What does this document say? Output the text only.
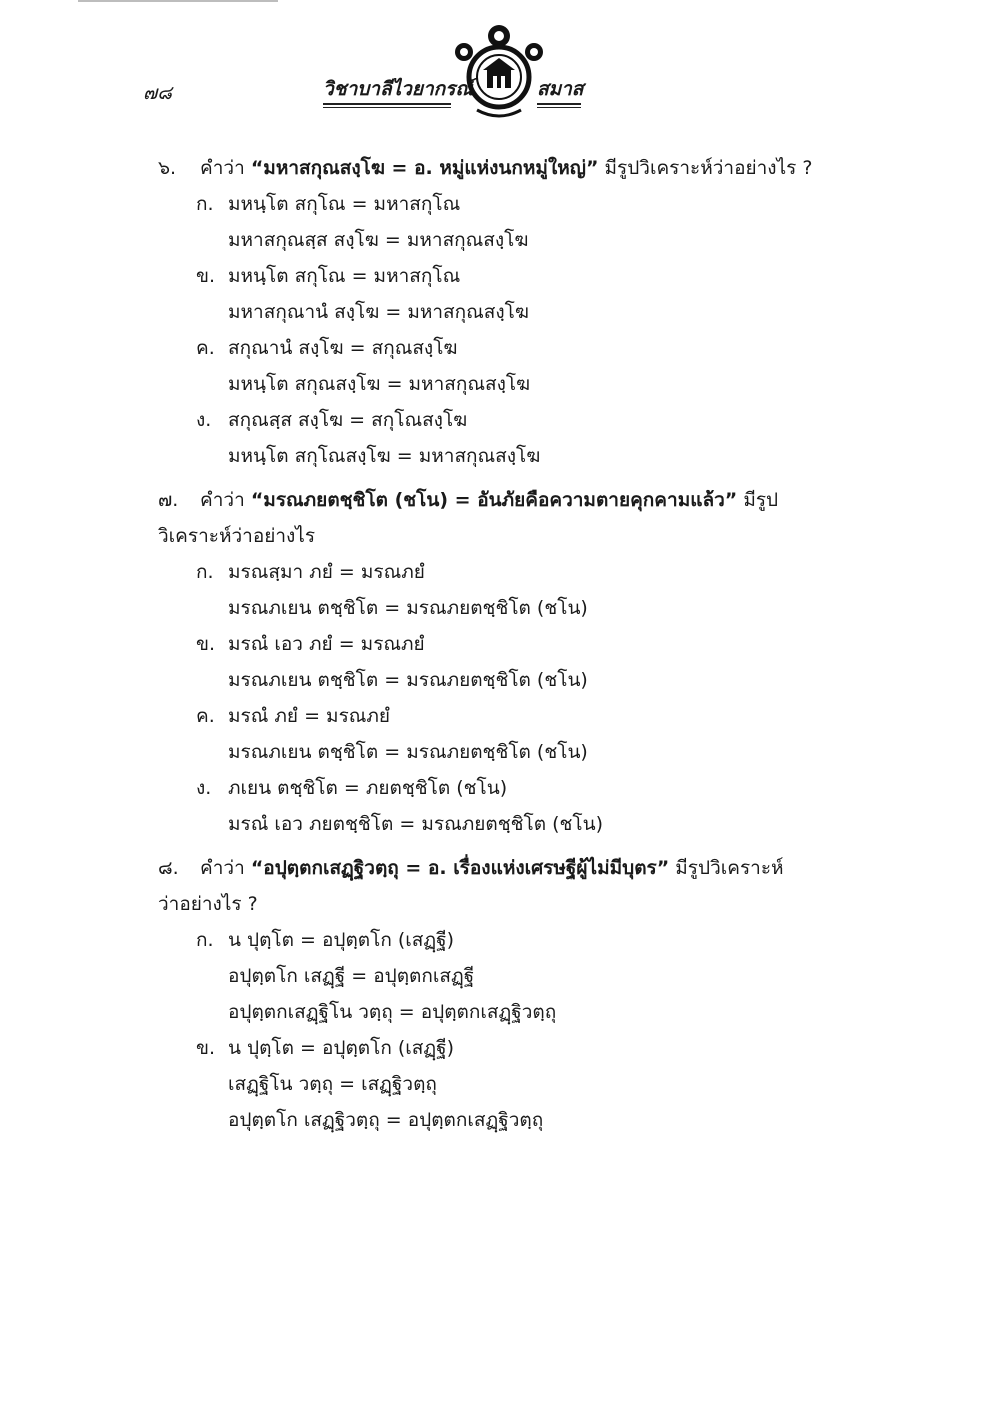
๗๘	วิชาบาลีไวยากรณ์	สมาส
๖. คำว่า “มหาสกุณสงฺโฆ = อ. หมู่แห่งนกหมู่ใหญ่” มีรูปวิเคราะห์ว่าอย่างไร ?
ก. มหนฺโต สกุโณ = มหาสกุโณ
มหาสกุณสฺส สงฺโฆ = มหาสกุณสงฺโฆ
ข. มหนฺโต สกุโณ = มหาสกุโณ
มหาสกุณานํ สงฺโฆ = มหาสกุณสงฺโฆ
ค. สกุณานํ สงฺโฆ = สกุณสงฺโฆ
มหนฺโต สกุณสงฺโฆ = มหาสกุณสงฺโฆ
ง. สกุณสฺส สงฺโฆ = สกุโณสงฺโฆ
มหนฺโต สกุโณสงฺโฆ = มหาสกุณสงฺโฆ
๗. คำว่า “มรณภยตชฺชิโต (ชโน) = อันภัยคือความตายคุกคามแล้ว” มีรูป
วิเคราะห์ว่าอย่างไร
ก. มรณสฺมา ภยํ = มรณภยํ
มรณภเยน ตชฺชิโต = มรณภยตชฺชิโต (ชโน)
ข. มรณํ เอว ภยํ = มรณภยํ
มรณภเยน ตชฺชิโต = มรณภยตชฺชิโต (ชโน)
ค. มรณํ ภยํ = มรณภยํ
มรณภเยน ตชฺชิโต = มรณภยตชฺชิโต (ชโน)
ง. ภเยน ตชฺชิโต = ภยตชฺชิโต (ชโน)
มรณํ เอว ภยตชฺชิโต = มรณภยตชฺชิโต (ชโน)
๘. คำว่า “อปุตฺตกเสฏฺฐิวตฺถุ = อ. เรื่องแห่งเศรษฐีผู้ไม่มีบุตร” มีรูปวิเคราะห์
ว่าอย่างไร ?
ก. น ปุตฺโต = อปุตฺตโก (เสฏฺฐี)
อปุตฺตโก เสฏฺฐี = อปุตฺตกเสฏฺฐี
อปุตฺตกเสฏฺฐิโน วตฺถุ = อปุตฺตกเสฏฺฐิวตฺถุ
ข. น ปุตฺโต = อปุตฺตโก (เสฏฺฐี)
เสฏฺฐิโน วตฺถุ = เสฏฺฐิวตฺถุ
อปุตฺตโก เสฏฺฐิวตฺถุ = อปุตฺตกเสฏฺฐิวตฺถุ
